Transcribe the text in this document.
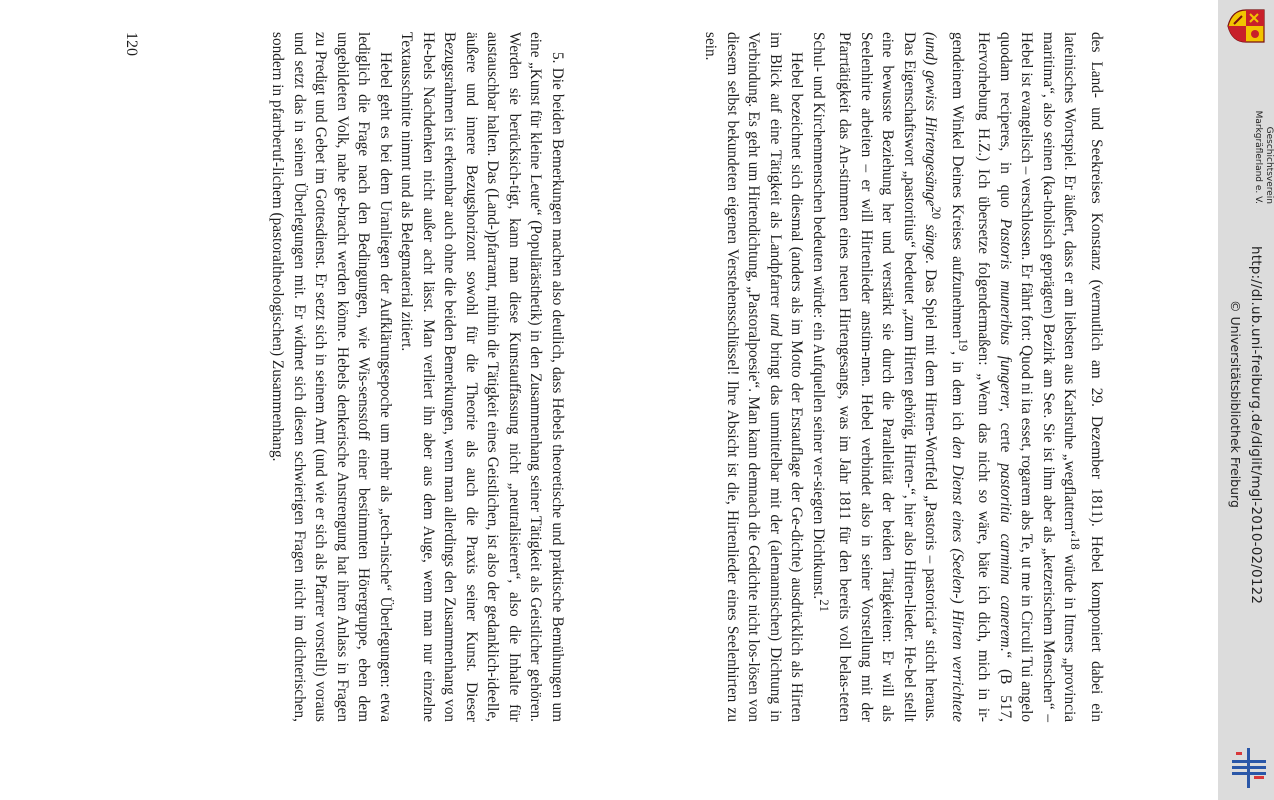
des Land- und Seekreises Konstanz (vermutlich am 29. Dezember 1811). Hebel komponiert dabei ein lateinisches Wortspiel. Er äußert, dass er am liebsten aus Karlsruhe „wegflattern“$^{18}$ würde in Ittners „provincia maritima“, also seinen (ka-tholisch geprägten) Bezirk am See. Sie ist ihm aber als „ketzerischem Menschen“ – Hebel ist evangelisch – verschlossen. Er fährt fort: Quod ni ita esset, rogarem abs Te, ut me in Circuli Tui angelo quodam reciperes, in quo Pastoris muneribus fungerer, certe pastoritia carmina canerem.“ (B 517, Hervorhebung H.Z.) Ich übersetze folgendermaßen: „Wenn das nicht so wäre, bäte ich dich, mich in ir-gendeinem Winkel Deines Kreises aufzunehmen$^{19}$, in dem ich den Dienst eines (Seelen-) Hirten verrichtete (und) gewiss Hirtengesänge$^{20}$ sänge. Das Spiel mit dem Hirten-Wortfeld „Pastoris – pastoricia“ sticht heraus. Das Eigenschaftswort „pastoritius“ bedeutet „zum Hirten gehörig, Hirten-“, hier also Hirten-lieder. He-bel stellt eine bewusste Beziehung her und verstärkt sie durch die Parallelität der beiden Tätigkeiten: Er will als Seelenhirte arbeiten – er will Hirtenlieder anstim-men. Hebel verbindet also in seiner Vorstellung mit der Pfarrtätigkeit das An-stimmen eines neuen Hirtengesangs, was im Jahr 1811 für den bereits voll belas-teten Schul- und Kirchenmenschen bedeuten würde: ein Aufquellen seiner ver-siegten Dichtkunst.$^{21}$

Hebel bezeichnet sich diesmal (anders als im Motto der Erstauflage der Ge-dichte) ausdrücklich als Hirten im Blick auf eine Tätigkeit als Landpfarrer und bringt das unmittelbar mit der (alemannischen) Dichtung in Verbindung. Es geht um Hirtendichtung, „Pastoralpoesie“. Man kann demnach die Gedichte nicht los-lösen von diesem selbst bekundeten eigenen Verstehensschlüssel! Ihre Absicht ist die, Hirtenlieder eines Seelenhirten zu sein.

5. Die beiden Bemerkungen machen also deutlich, dass Hebels theoretische und praktische Bemühungen um eine „Kunst für kleine Leute“ (Populärästhetik) in den Zusammenhang seiner Tätigkeit als Geistlicher gehören. Werden sie berücksich-tigt, kann man diese Kunstauffassung nicht „neutralisieren“, also die Inhalte für austauschbar halten. Das (Land-)pfarramt, mithin die Tätigkeit eines Geistlichen, ist also der gedanklich-ideelle, äußere und innere Bezugshorizont sowohl für die Theorie als auch die Praxis seiner Kunst. Dieser Bezugsrahmen ist erkennbar auch ohne die beiden Bemerkungen, wenn man allerdings den Zusammenhang von He-bels Nachdenken nicht außer acht lässt. Man verliert ihn aber aus dem Auge, wenn man nur einzelne Textausschnitte nimmt und als Belegmaterial zitiert.

Hebel geht es bei dem Uranliegen der Aufklärungsepoche um mehr als „tech-nische“ Überlegungen: etwa lediglich die Frage nach den Bedingungen, wie Wis-sensstoff einer bestimmten Hörergruppe, eben dem ungebildeten Volk, nahe ge-bracht werden könne. Hebels denkerische Anstrengung hat ihren Anlass in Fragen zu Predigt und Gebet im Gottesdienst. Er setzt sich in seinem Amt (und wie er sich als Pfarrer vorstellt) voraus und setzt das in seinen Überlegungen mit. Er widmet sich diesen schwierigen Fragen nicht im dichterischen, sondern in pfarrberuf-lichem (pastoraltheologischen) Zusammenhang.

120
http://dl.ub.uni-freiburg.de/diglit/mgl-2010-02/0122
© Universitätsbibliothek Freiburg
Geschichtsverein
Markgräflerland e. V.
